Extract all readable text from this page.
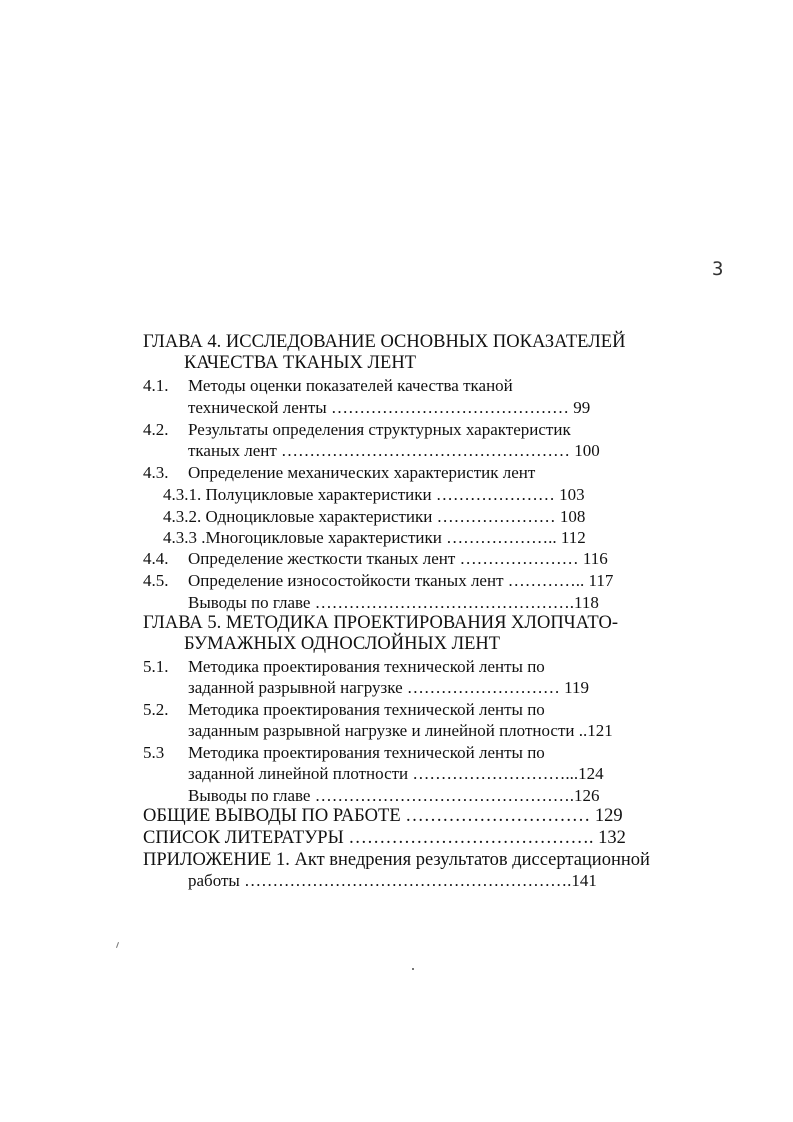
3
ГЛАВА 4. ИССЛЕДОВАНИЕ ОСНОВНЫХ ПОКАЗАТЕЛЕЙ
КАЧЕСТВА ТКАНЫХ ЛЕНТ
4.1. Методы оценки показателей качества тканой
технической ленты …………………………………… 99
4.2. Результаты определения структурных характеристик
тканых лент …………………………………………… 100
4.3. Определение механических характеристик лент
4.3.1. Полуцикловые характеристики ………………… 103
4.3.2. Одноцикловые характеристики ………………… 108
4.3.3 .Многоцикловые характеристики ……………….. 112
4.4. Определение жесткости тканых лент ………………… 116
4.5. Определение износостойкости тканых лент ………….. 117
Выводы по главе ……………………………………….118
ГЛАВА 5. МЕТОДИКА ПРОЕКТИРОВАНИЯ ХЛОПЧАТО-
БУМАЖНЫХ ОДНОСЛОЙНЫХ ЛЕНТ
5.1. Методика проектирования технической ленты по
заданной разрывной нагрузке ……………………… 119
5.2. Методика проектирования технической ленты по
заданным разрывной нагрузке и линейной плотности ..121
5.3 Методика проектирования технической ленты по
заданной линейной плотности ………………………...124
Выводы по главе ……………………………………….126
ОБЩИЕ ВЫВОДЫ ПО РАБОТЕ ………………………… 129
СПИСОК ЛИТЕРАТУРЫ …………………………………. 132
ПРИЛОЖЕНИЕ 1. Акт внедрения результатов диссертационной
работы ………………………………………………….141
